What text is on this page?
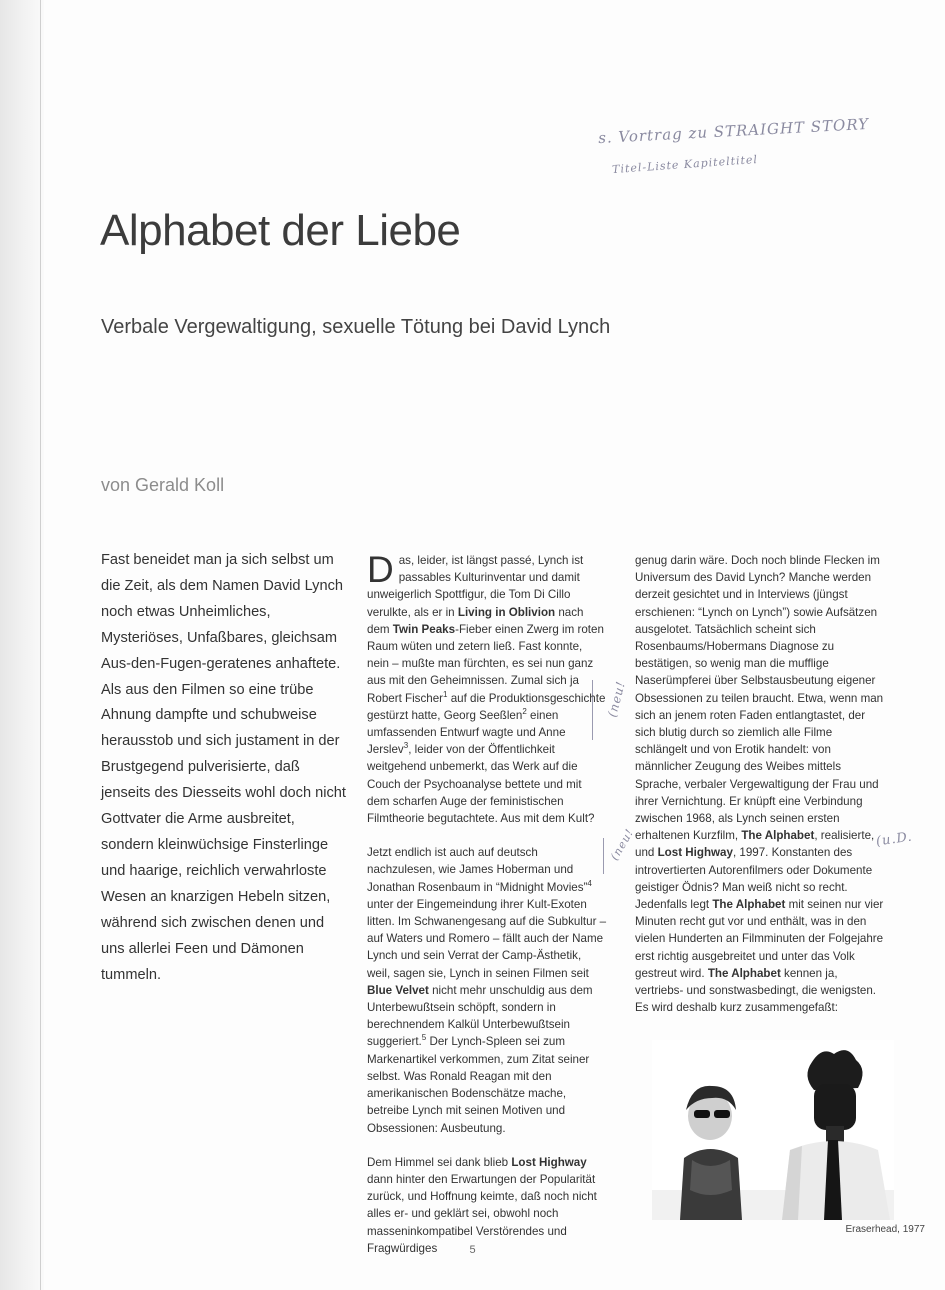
s. Vortrag zu STRAIGHT STORY
Titel-Liste Kapiteltitel
(neu!
(neu!	(u.D.
Alphabet der Liebe
Verbale Vergewaltigung, sexuelle Tötung bei David Lynch
von Gerald Koll

Fast beneidet man ja sich selbst um die Zeit, als dem Namen David Lynch noch etwas Unheimliches, Mysteriöses, Unfaßbares, gleichsam Aus-den-Fugen-geratenes anhaftete.

Als aus den Filmen so eine trübe Ahnung dampfte und schubweise herausstob und sich justament in der Brustgegend pulverisierte, daß jenseits des Diesseits wohl doch nicht Gottvater die Arme ausbreitet, sondern kleinwüchsige Finsterlinge und haarige, reichlich verwahrloste Wesen an knarzigen Hebeln sitzen, während sich zwischen denen und uns allerlei Feen und Dämonen tummeln.

Das, leider, ist längst passé, Lynch ist passables Kulturinventar und damit unweigerlich Spottfigur, die Tom Di Cillo verulkte, als er in Living in Oblivion nach dem Twin Peaks-Fieber einen Zwerg im roten Raum wüten und zetern ließ. Fast konnte, nein – mußte man fürchten, es sei nun ganz aus mit den Geheimnissen. Zumal sich ja Robert Fischer$^1$ auf die Produktionsgeschichte gestürzt hatte, Georg Seeßlen$^2$ einen umfassenden Entwurf wagte und Anne Jerslev$^3$, leider von der Öffentlichkeit weitgehend unbemerkt, das Werk auf die Couch der Psychoanalyse bettete und mit dem scharfen Auge der feministischen Filmtheorie begutachtete. Aus mit dem Kult?

Jetzt endlich ist auch auf deutsch nachzulesen, wie James Hoberman und Jonathan Rosenbaum in “Midnight Movies”$^4$ unter der Eingemeindung ihrer Kult-Exoten litten. Im Schwanengesang auf die Subkultur – auf Waters und Romero – fällt auch der Name Lynch und sein Verrat der Camp-Ästhetik, weil, sagen sie, Lynch in seinen Filmen seit Blue Velvet nicht mehr unschuldig aus dem Unterbewußtsein schöpft, sondern in berechnendem Kalkül Unterbewußtsein suggeriert.$^5$ Der Lynch-Spleen sei zum Markenartikel verkommen, zum Zitat seiner selbst. Was Ronald Reagan mit den amerikanischen Bodenschätze mache, betreibe Lynch mit seinen Motiven und Obsessionen: Ausbeutung.

Dem Himmel sei dank blieb Lost Highway dann hinter den Erwartungen der Popularität zurück, und Hoffnung keimte, daß noch nicht alles er- und geklärt sei, obwohl noch masseninkompatibel Verstörendes und Fragwürdiges

genug darin wäre. Doch noch blinde Flecken im Universum des David Lynch? Manche werden derzeit gesichtet und in Interviews (jüngst erschienen: “Lynch on Lynch”) sowie Aufsätzen ausgelotet. Tatsächlich scheint sich Rosenbaums/Hobermans Diagnose zu bestätigen, so wenig man die mufflige Naserümpferei über Selbstausbeutung eigener Obsessionen zu teilen braucht. Etwa, wenn man sich an jenem roten Faden entlangtastet, der sich blutig durch so ziemlich alle Filme schlängelt und von Erotik handelt: von männlicher Zeugung des Weibes mittels Sprache, verbaler Vergewaltigung der Frau und ihrer Vernichtung. Er knüpft eine Verbindung zwischen 1968, als Lynch seinen ersten erhaltenen Kurzfilm, The Alphabet, realisierte, und Lost Highway, 1997. Konstanten des introvertierten Autorenfilmers oder Dokumente geistiger Ödnis? Man weiß nicht so recht. Jedenfalls legt The Alphabet mit seinen nur vier Minuten recht gut vor und enthält, was in den vielen Hunderten an Filmminuten der Folgejahre erst richtig ausgebreitet und unter das Volk gestreut wird. The Alphabet kennen ja, vertriebs- und sonstwasbedingt, die wenigsten. Es wird deshalb kurz zusammengefaßt:

Eraserhead, 1977
5
